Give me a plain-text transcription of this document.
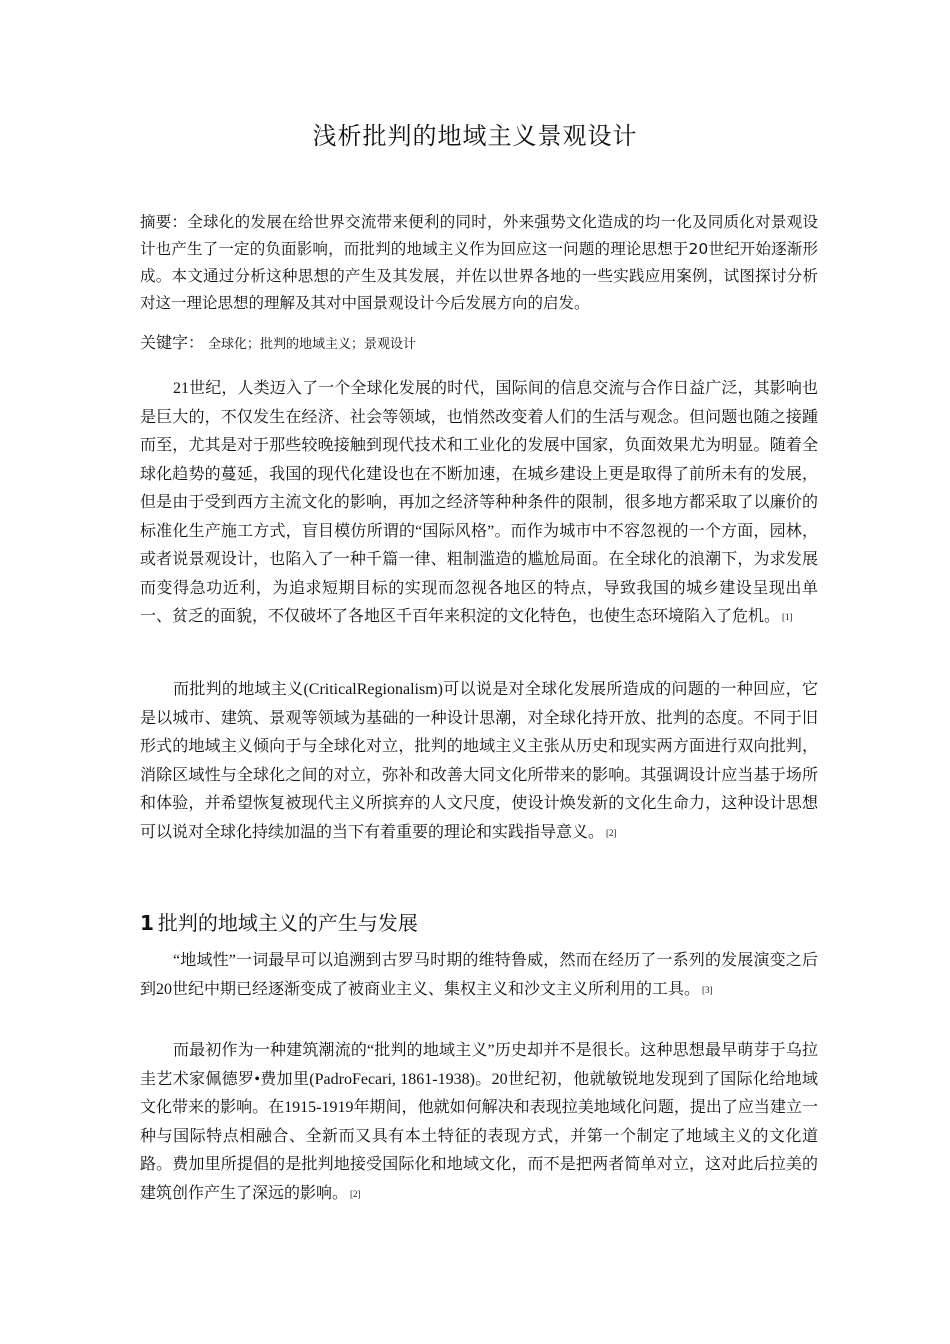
浅析批判的地域主义景观设计
摘要：全球化的发展在给世界交流带来便利的同时，外来强势文化造成的均一化及同质化对景观设计也产生了一定的负面影响，而批判的地域主义作为回应这一问题的理论思想于20世纪开始逐渐形成。本文通过分析这种思想的产生及其发展，并佐以世界各地的一些实践应用案例，试图探讨分析对这一理论思想的理解及其对中国景观设计今后发展方向的启发。
关键字： 全球化；批判的地域主义；景观设计

21世纪，人类迈入了一个全球化发展的时代，国际间的信息交流与合作日益广泛，其影响也是巨大的，不仅发生在经济、社会等领域，也悄然改变着人们的生活与观念。但问题也随之接踵而至，尤其是对于那些较晚接触到现代技术和工业化的发展中国家，负面效果尤为明显。随着全球化趋势的蔓延，我国的现代化建设也在不断加速，在城乡建设上更是取得了前所未有的发展，但是由于受到西方主流文化的影响，再加之经济等种种条件的限制，很多地方都采取了以廉价的标准化生产施工方式，盲目模仿所谓的“国际风格”。而作为城市中不容忽视的一个方面，园林，或者说景观设计，也陷入了一种千篇一律、粗制滥造的尴尬局面。在全球化的浪潮下，为求发展而变得急功近利，为追求短期目标的实现而忽视各地区的特点，导致我国的城乡建设呈现出单一、贫乏的面貌，不仅破坏了各地区千百年来积淀的文化特色，也使生态环境陷入了危机。 [1]

而批判的地域主义(CriticalRegionalism)可以说是对全球化发展所造成的问题的一种回应，它是以城市、建筑、景观等领域为基础的一种设计思潮，对全球化持开放、批判的态度。不同于旧形式的地域主义倾向于与全球化对立，批判的地域主义主张从历史和现实两方面进行双向批判，消除区域性与全球化之间的对立，弥补和改善大同文化所带来的影响。其强调设计应当基于场所和体验，并希望恢复被现代主义所摈弃的人文尺度，使设计焕发新的文化生命力，这种设计思想可以说对全球化持续加温的当下有着重要的理论和实践指导意义。 [2]

1 批判的地域主义的产生与发展

“地域性”一词最早可以追溯到古罗马时期的维特鲁威，然而在经历了一系列的发展演变之后到20世纪中期已经逐渐变成了被商业主义、集权主义和沙文主义所利用的工具。 [3]

而最初作为一种建筑潮流的“批判的地域主义”历史却并不是很长。这种思想最早萌芽于乌拉圭艺术家佩德罗•费加里(PadroFecari, 1861-1938)。20世纪初，他就敏锐地发现到了国际化给地域文化带来的影响。在1915-1919年期间，他就如何解决和表现拉美地域化问题，提出了应当建立一种与国际特点相融合、全新而又具有本土特征的表现方式，并第一个制定了地域主义的文化道路。费加里所提倡的是批判地接受国际化和地域文化，而不是把两者简单对立，这对此后拉美的建筑创作产生了深远的影响。 [2]
